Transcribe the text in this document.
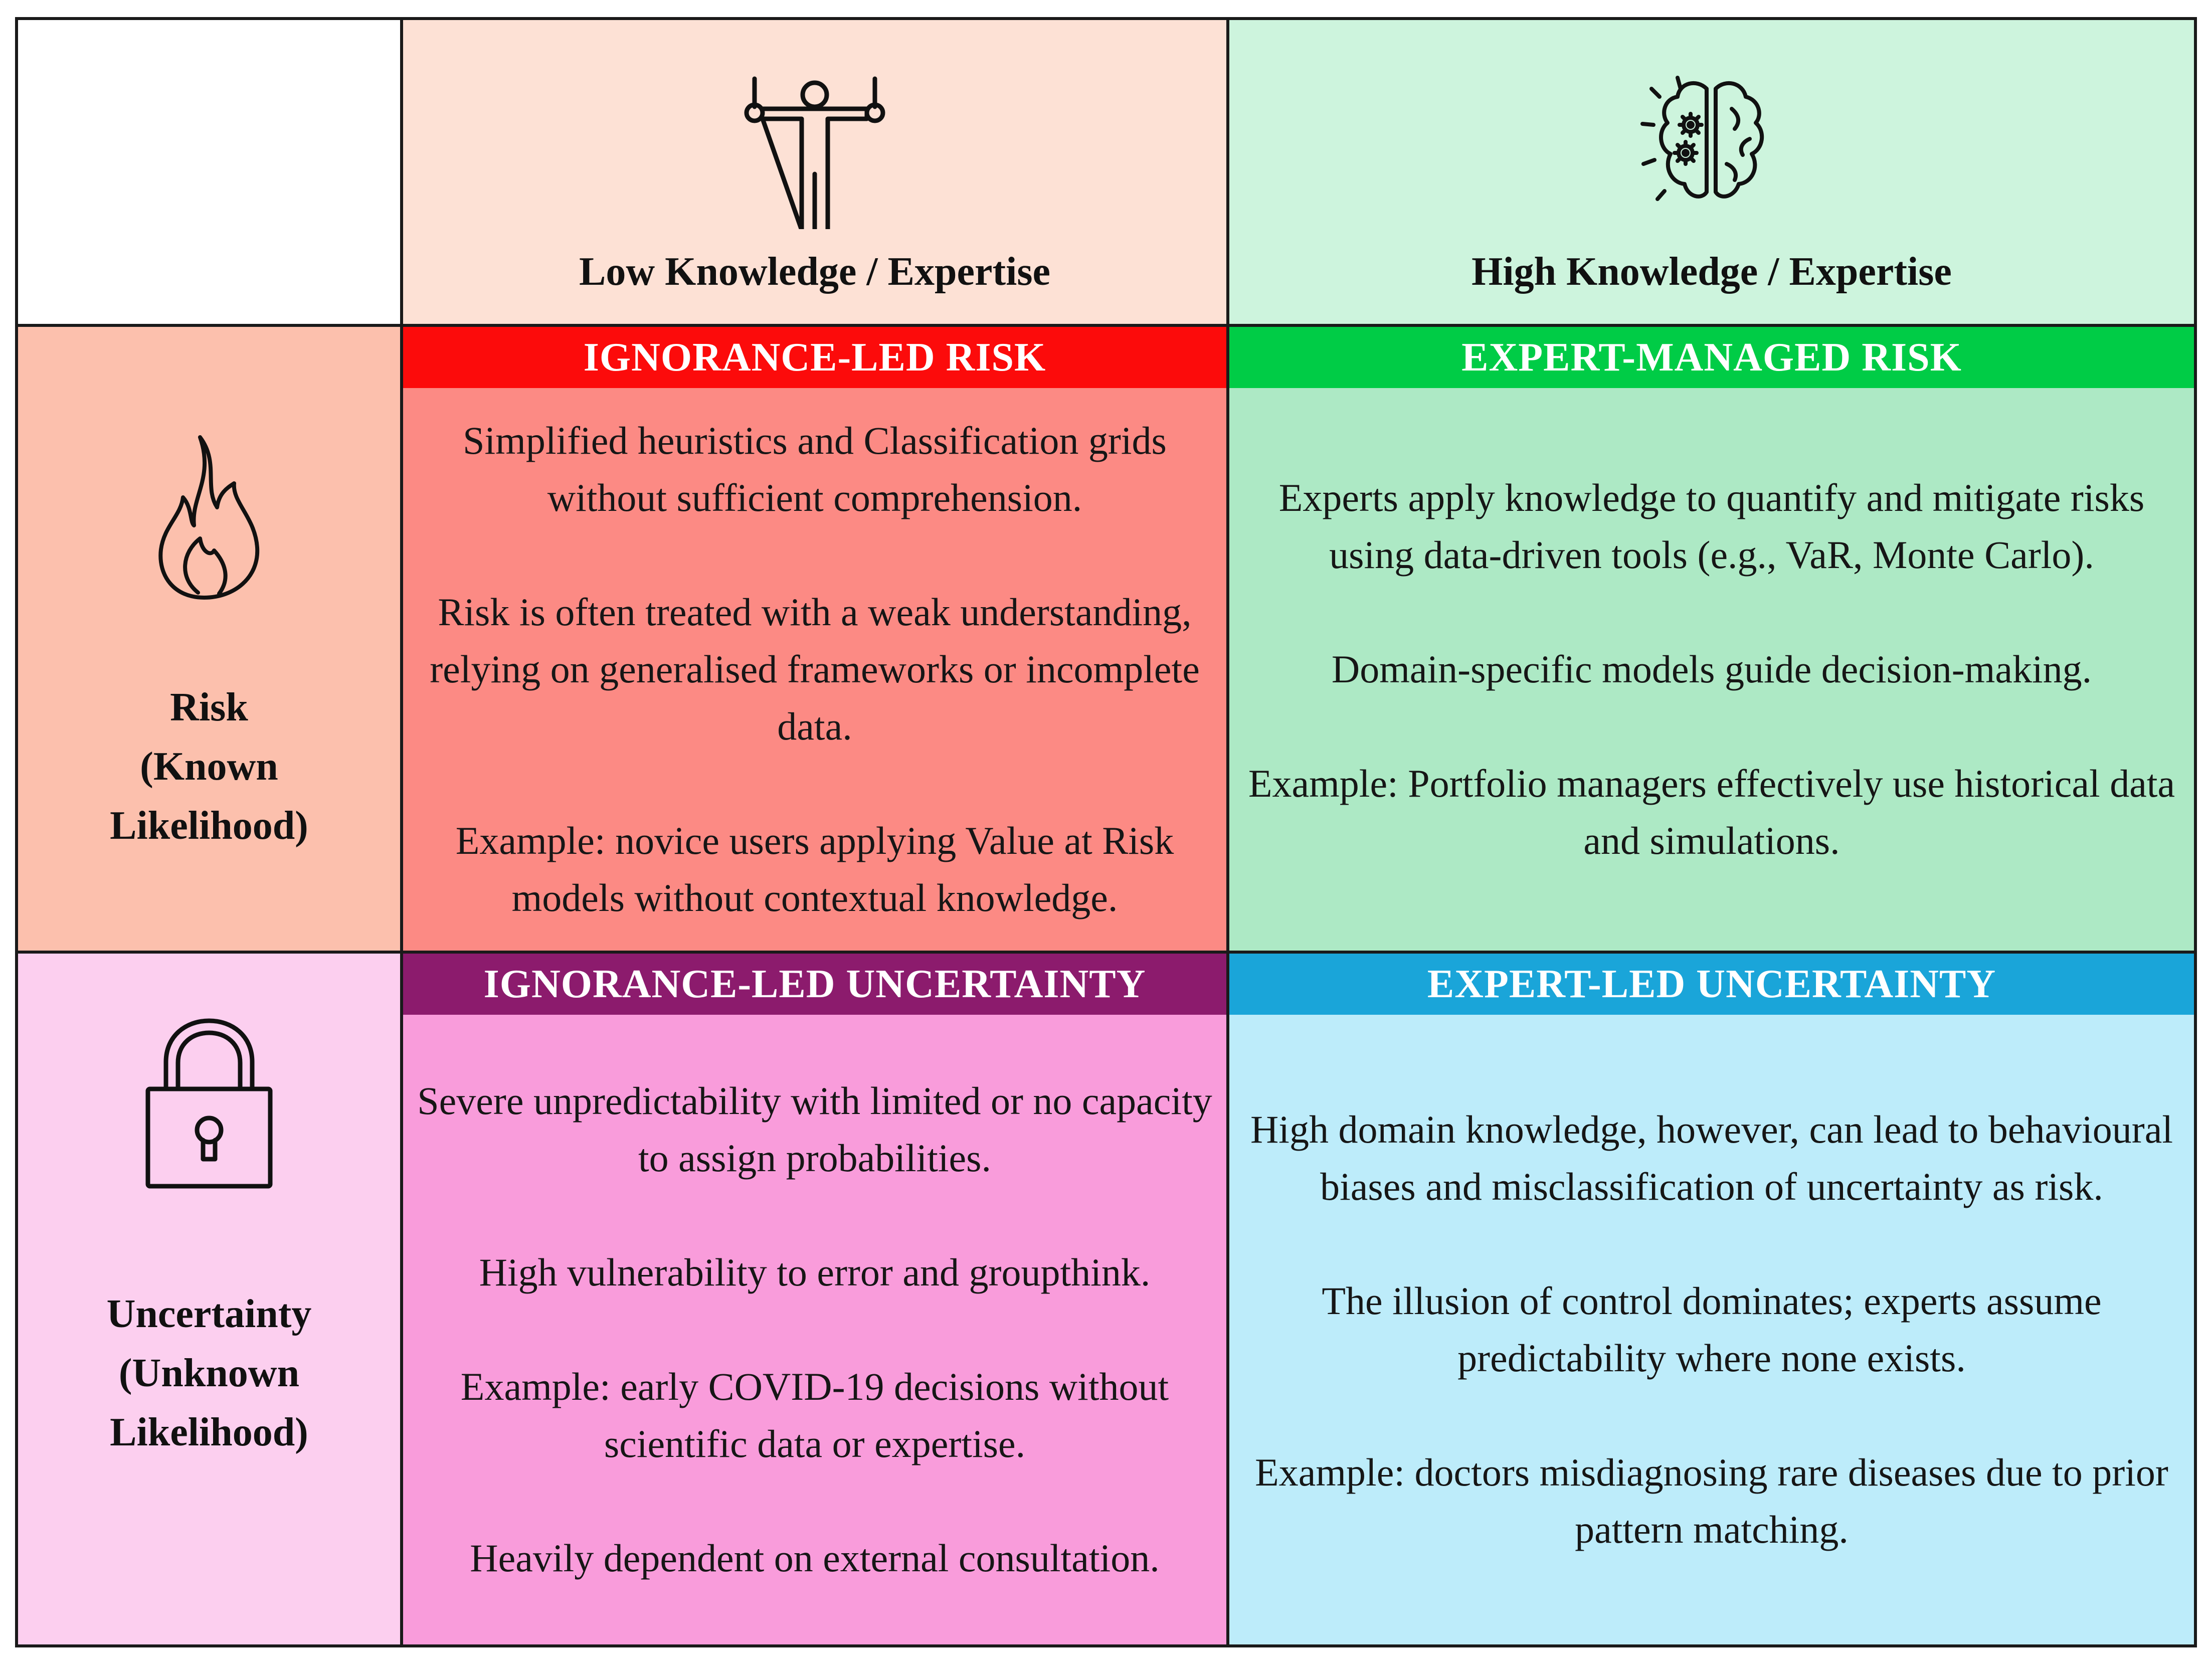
Low Knowledge / Expertise	High Knowledge / Expertise
Risk
(Known
Likelihood)
IGNORANCE-LED RISK

Simplified heuristics and Classification grids without sufficient comprehension.

Risk is often treated with a weak understanding, relying on generalised frameworks or incomplete data.

Example: novice users applying Value at Risk models without contextual knowledge.

EXPERT-MANAGED RISK

Experts apply knowledge to quantify and mitigate risks using data-driven tools (e.g., VaR, Monte Carlo).

Domain-specific models guide decision-making.

Example: Portfolio managers effectively use historical data and simulations.

Uncertainty
(Unknown
Likelihood)
IGNORANCE-LED UNCERTAINTY

Severe unpredictability with limited or no capacity to assign probabilities.

High vulnerability to error and groupthink.

Example: early COVID-19 decisions without scientific data or expertise.

Heavily dependent on external consultation.

EXPERT-LED UNCERTAINTY

High domain knowledge, however, can lead to behavioural biases and misclassification of uncertainty as risk.

The illusion of control dominates; experts assume predictability where none exists.

Example: doctors misdiagnosing rare diseases due to prior pattern matching.
